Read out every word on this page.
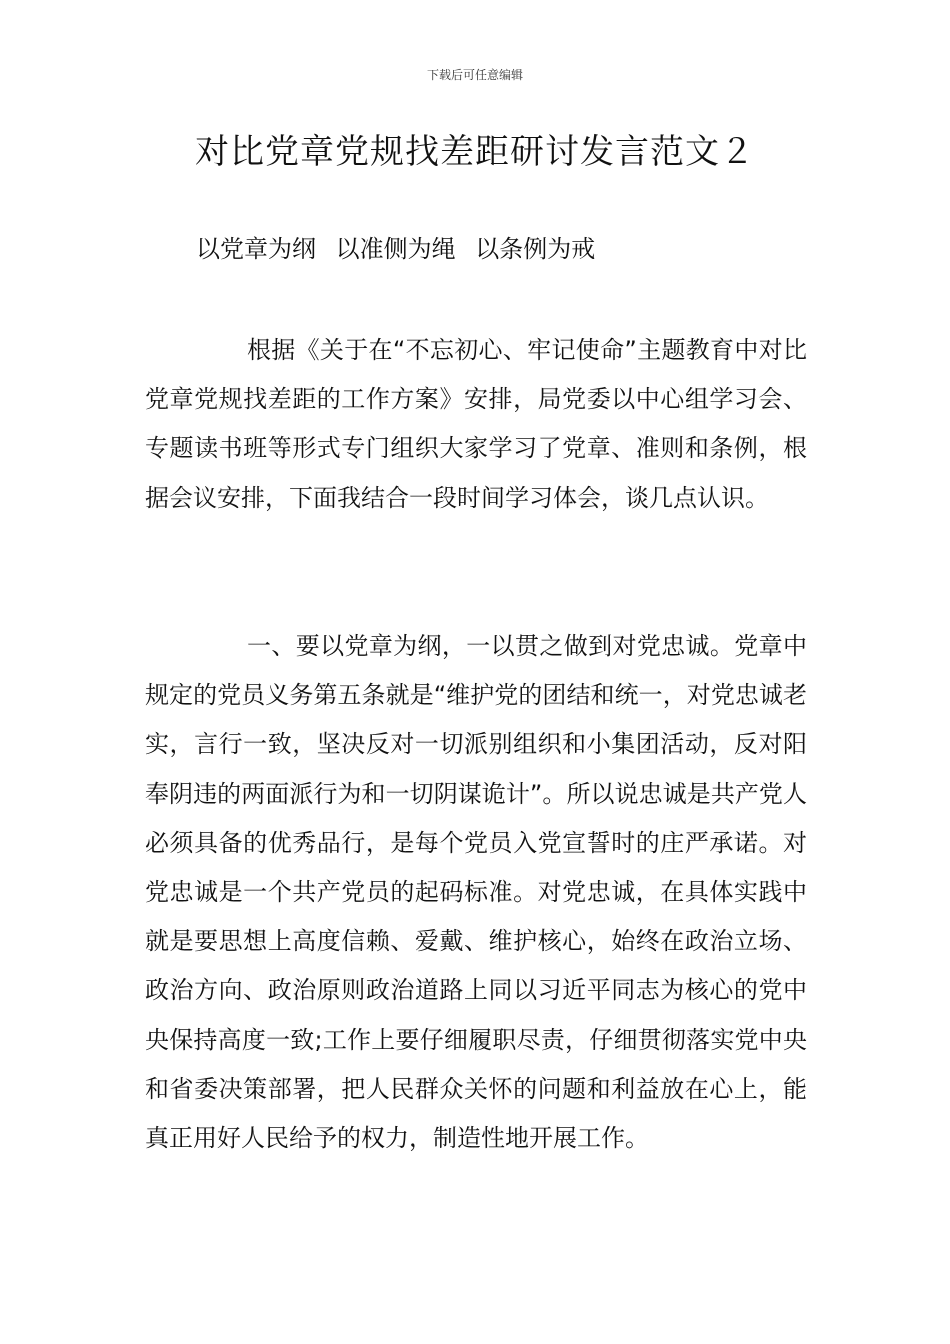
下载后可任意编辑
对比党章党规找差距研讨发言范文２
以党章为纲 以准侧为绳 以条例为戒

根据《关于在“不忘初心、牢记使命”主题教育中对比党章党规找差距的工作方案》安排，局党委以中心组学习会、专题读书班等形式专门组织大家学习了党章、准则和条例，根据会议安排，下面我结合一段时间学习体会，谈几点认识。

一、要以党章为纲，一以贯之做到对党忠诚。党章中规定的党员义务第五条就是“维护党的团结和统一，对党忠诚老实，言行一致，坚决反对一切派别组织和小集团活动，反对阳奉阴违的两面派行为和一切阴谋诡计”。所以说忠诚是共产党人必须具备的优秀品行，是每个党员入党宣誓时的庄严承诺。对党忠诚是一个共产党员的起码标准。对党忠诚，在具体实践中就是要思想上高度信赖、爱戴、维护核心，始终在政治立场、政治方向、政治原则政治道路上同以习近平同志为核心的党中央保持高度一致;工作上要仔细履职尽责，仔细贯彻落实党中央和省委决策部署，把人民群众关怀的问题和利益放在心上，能真正用好人民给予的权力，制造性地开展工作。
